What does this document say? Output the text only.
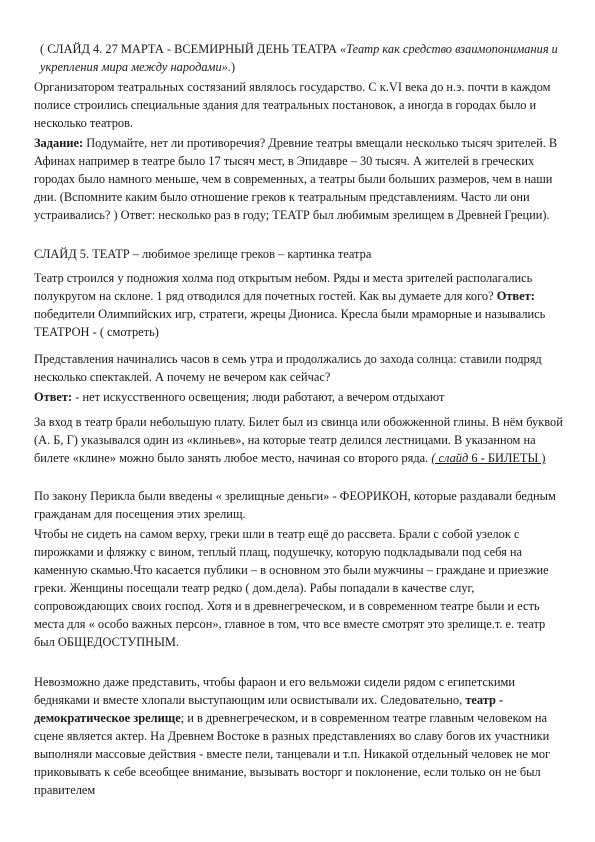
( СЛАЙД 4. 27 МАРТА - ВСЕМИРНЫЙ ДЕНЬ ТЕАТРА «Театр как средство взаимопонимания и укрепления мира между народами».)

Организатором театральных состязаний являлось государство. С к.VI века до н.э. почти в каждом полисе строились специальные здания для театральных постановок, а иногда в городах было и несколько театров.

Задание: Подумайте, нет ли противоречия? Древние театры вмещали несколько тысяч зрителей. В Афинах например в театре было 17 тысяч мест, в Эпидавре – 30 тысяч. А жителей в греческих городах было намного меньше, чем в современных, а театры были больших размеров, чем в наши дни. (Вспомните каким было отношение греков к театральным представлениям. Часто ли они устраивались? ) Ответ: несколько раз в году; ТЕАТР был любимым зрелищем в Древней Греции).

СЛАЙД 5. ТЕАТР – любимое зрелище греков – картинка театра

Театр строился у подножия холма под открытым небом. Ряды и места зрителей располагались полукругом на склоне. 1 ряд отводился для почетных гостей. Как вы думаете для кого? Ответ: победители Олимпийских игр, стратеги, жрецы Диониса. Кресла были мраморные и назывались ТЕАТРОН - ( смотреть)

Представления начинались часов в семь утра и продолжались до захода солнца: ставили подряд несколько спектаклей. А почему не вечером как сейчас?

Ответ: - нет искусственного освещения; люди работают, а вечером отдыхают

За вход в театр брали небольшую плату. Билет был из свинца или обожженной глины. В нём буквой (А. Б, Г) указывался один из «клиньев», на которые театр делился лестницами. В указанном на билете «клине» можно было занять любое место, начиная со второго ряда. ( слайд 6 - БИЛЕТЫ )

По закону Перикла были введены « зрелищные деньги» - ФЕОРИКОН, которые раздавали бедным гражданам для посещения этих зрелищ.

Чтобы не сидеть на самом верху, греки шли в театр ещё до рассвета. Брали с собой узелок с пирожками и фляжку с вином, теплый плащ, подушечку, которую подкладывали под себя на каменную скамью.Что касается публики – в основном это были мужчины – граждане и приезжие греки. Женщины посещали театр редко ( дом.дела). Рабы попадали в качестве слуг, сопровождающих своих господ. Хотя и в древнегреческом, и в современном театре были и есть места для « особо важных персон», главное в том, что все вместе смотрят это зрелище.т. е. театр был ОБЩЕДОСТУПНЫМ.

Невозможно даже представить, чтобы фараон и его вельможи сидели рядом с египетскими бедняками и вместе хлопали выступающим или освистывали их. Следовательно, театр - демократическое зрелище; и в древнегреческом, и в современном театре главным человеком на сцене является актер. На Древнем Востоке в разных представлениях во славу богов их участники выполняли массовые действия - вместе пели, танцевали и т.п. Никакой отдельный человек не мог приковывать к себе всеобщее внимание, вызывать восторг и поклонение, если только он не был правителем
